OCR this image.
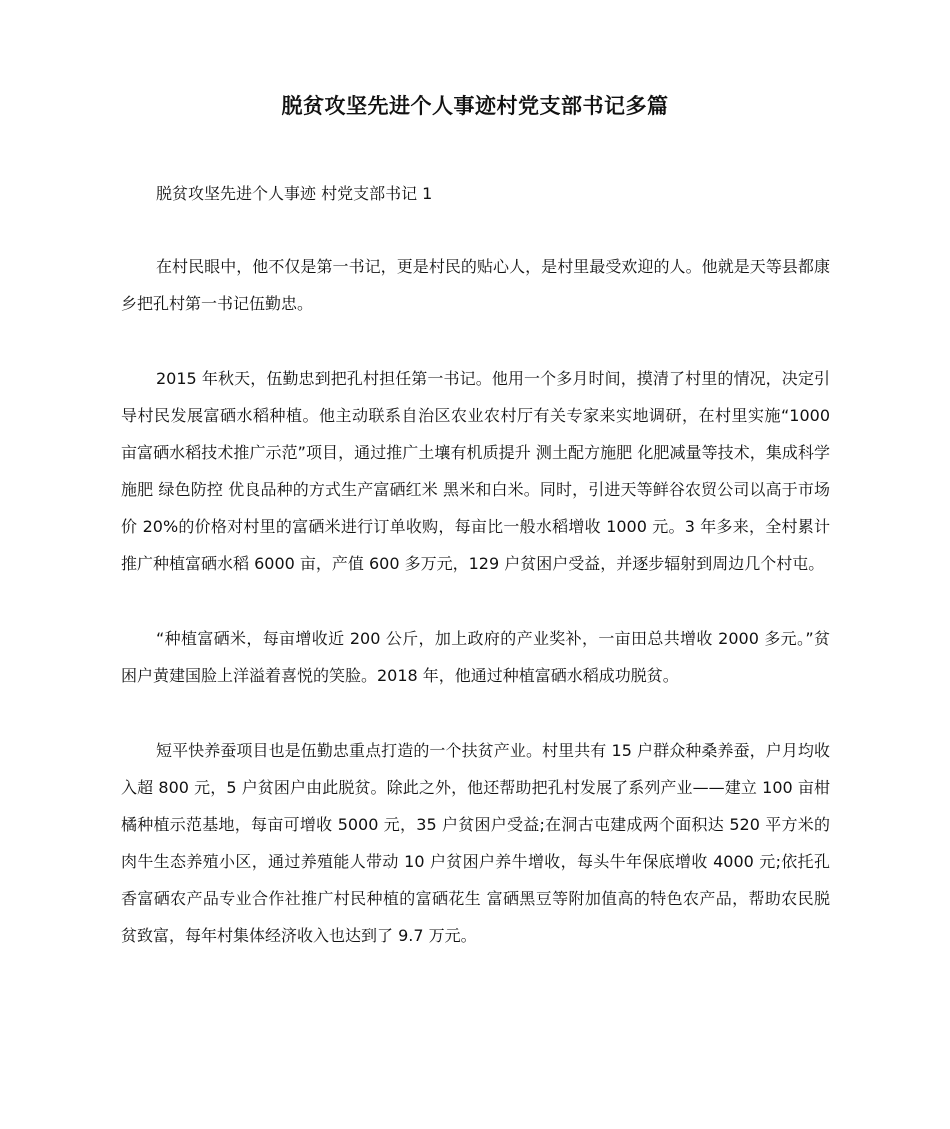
脱贫攻坚先进个人事迹村党支部书记多篇

脱贫攻坚先进个人事迹 村党支部书记 1

在村民眼中，他不仅是第一书记，更是村民的贴心人，是村里最受欢迎的人。他就是天等县都康乡把孔村第一书记伍勤忠。

2015 年秋天，伍勤忠到把孔村担任第一书记。他用一个多月时间，摸清了村里的情况，决定引导村民发展富硒水稻种植。他主动联系自治区农业农村厅有关专家来实地调研，在村里实施“1000 亩富硒水稻技术推广示范”项目，通过推广土壤有机质提升 测土配方施肥 化肥减量等技术，集成科学施肥 绿色防控 优良品种的方式生产富硒红米 黑米和白米。同时，引进天等鲜谷农贸公司以高于市场价 20%的价格对村里的富硒米进行订单收购，每亩比一般水稻增收 1000 元。3 年多来，全村累计推广种植富硒水稻 6000 亩，产值 600 多万元，129 户贫困户受益，并逐步辐射到周边几个村屯。

“种植富硒米，每亩增收近 200 公斤，加上政府的产业奖补，一亩田总共增收 2000 多元。”贫困户黄建国脸上洋溢着喜悦的笑脸。2018 年，他通过种植富硒水稻成功脱贫。

短平快养蚕项目也是伍勤忠重点打造的一个扶贫产业。村里共有 15 户群众种桑养蚕，户月均收入超 800 元，5 户贫困户由此脱贫。除此之外，他还帮助把孔村发展了系列产业——建立 100 亩柑橘种植示范基地，每亩可增收 5000 元，35 户贫困户受益;在洞古屯建成两个面积达 520 平方米的肉牛生态养殖小区，通过养殖能人带动 10 户贫困户养牛增收，每头牛年保底增收 4000 元;依托孔香富硒农产品专业合作社推广村民种植的富硒花生 富硒黑豆等附加值高的特色农产品，帮助农民脱贫致富，每年村集体经济收入也达到了 9.7 万元。
